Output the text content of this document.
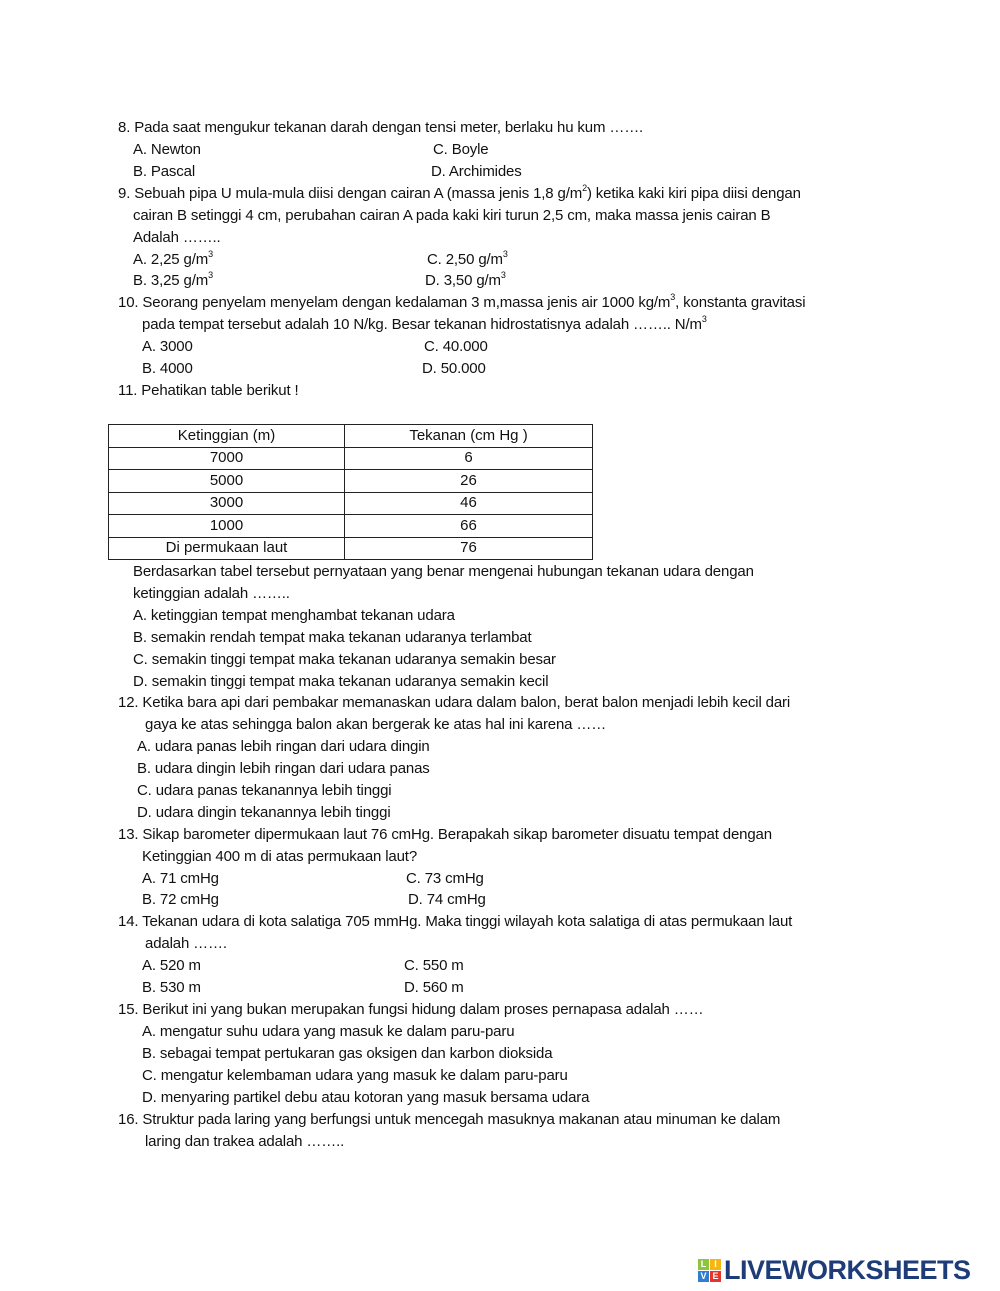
8. Pada saat mengukur tekanan darah dengan tensi meter, berlaku hu kum …….
A. Newton	C. Boyle
B. Pascal	D. Archimides
9. Sebuah pipa U mula-mula diisi dengan cairan A (massa jenis 1,8 $g/m^2$) ketika kaki kiri pipa diisi dengan
cairan B setinggi 4 cm, perubahan cairan A pada kaki kiri turun 2,5 cm, maka massa jenis cairan B
Adalah ……..
A. 2,25 $g/m^3$	C. 2,50 $g/m^3$
B. 3,25 $g/m^3$	D. 3,50 $g/m^3$
10. Seorang penyelam menyelam dengan kedalaman 3 m,massa jenis air 1000 $kg/m^3$, konstanta gravitasi
pada tempat tersebut adalah 10 N/kg. Besar tekanan hidrostatisnya adalah …….. $N/m^3$
A. 3000	C. 40.000
B. 4000	D. 50.000
11. Pehatikan table berikut !
Berdasarkan tabel tersebut pernyataan yang benar mengenai hubungan tekanan udara dengan
ketinggian adalah ……..
A. ketinggian tempat menghambat tekanan udara
B. semakin rendah tempat maka tekanan udaranya terlambat
C. semakin tinggi tempat maka tekanan udaranya semakin besar
D. semakin tinggi tempat maka tekanan udaranya semakin kecil
12. Ketika bara api dari pembakar memanaskan udara dalam balon, berat balon menjadi lebih kecil dari
gaya ke atas sehingga balon akan bergerak ke atas hal ini karena ……
A. udara panas lebih ringan dari udara dingin
B. udara dingin lebih ringan dari udara panas
C. udara panas tekanannya lebih tinggi
D. udara dingin tekanannya lebih tinggi
13. Sikap barometer dipermukaan laut 76 cmHg. Berapakah sikap barometer disuatu tempat dengan
Ketinggian 400 m di atas permukaan laut?
A. 71 cmHg	C. 73 cmHg
B. 72 cmHg	D. 74 cmHg
14. Tekanan udara di kota salatiga 705 mmHg. Maka tinggi wilayah kota salatiga di atas permukaan laut
adalah …….
A. 520 m	C. 550 m
B. 530 m	D. 560 m
15. Berikut ini yang bukan merupakan fungsi hidung dalam proses pernapasa adalah ……
A. mengatur suhu udara yang masuk ke dalam paru-paru
B. sebagai tempat pertukaran gas oksigen dan karbon dioksida
C. mengatur kelembaman udara yang masuk ke dalam paru-paru
D. menyaring partikel debu atau kotoran yang masuk bersama udara
16. Struktur pada laring yang berfungsi untuk mencegah masuknya makanan atau minuman ke dalam
laring dan trakea adalah ……..
Ketinggian (m)	Tekanan (cm Hg )
7000	6
5000	26
3000	46
1000	66
Di permukaan laut	76
L I
V E LIVEWORKSHEETS
